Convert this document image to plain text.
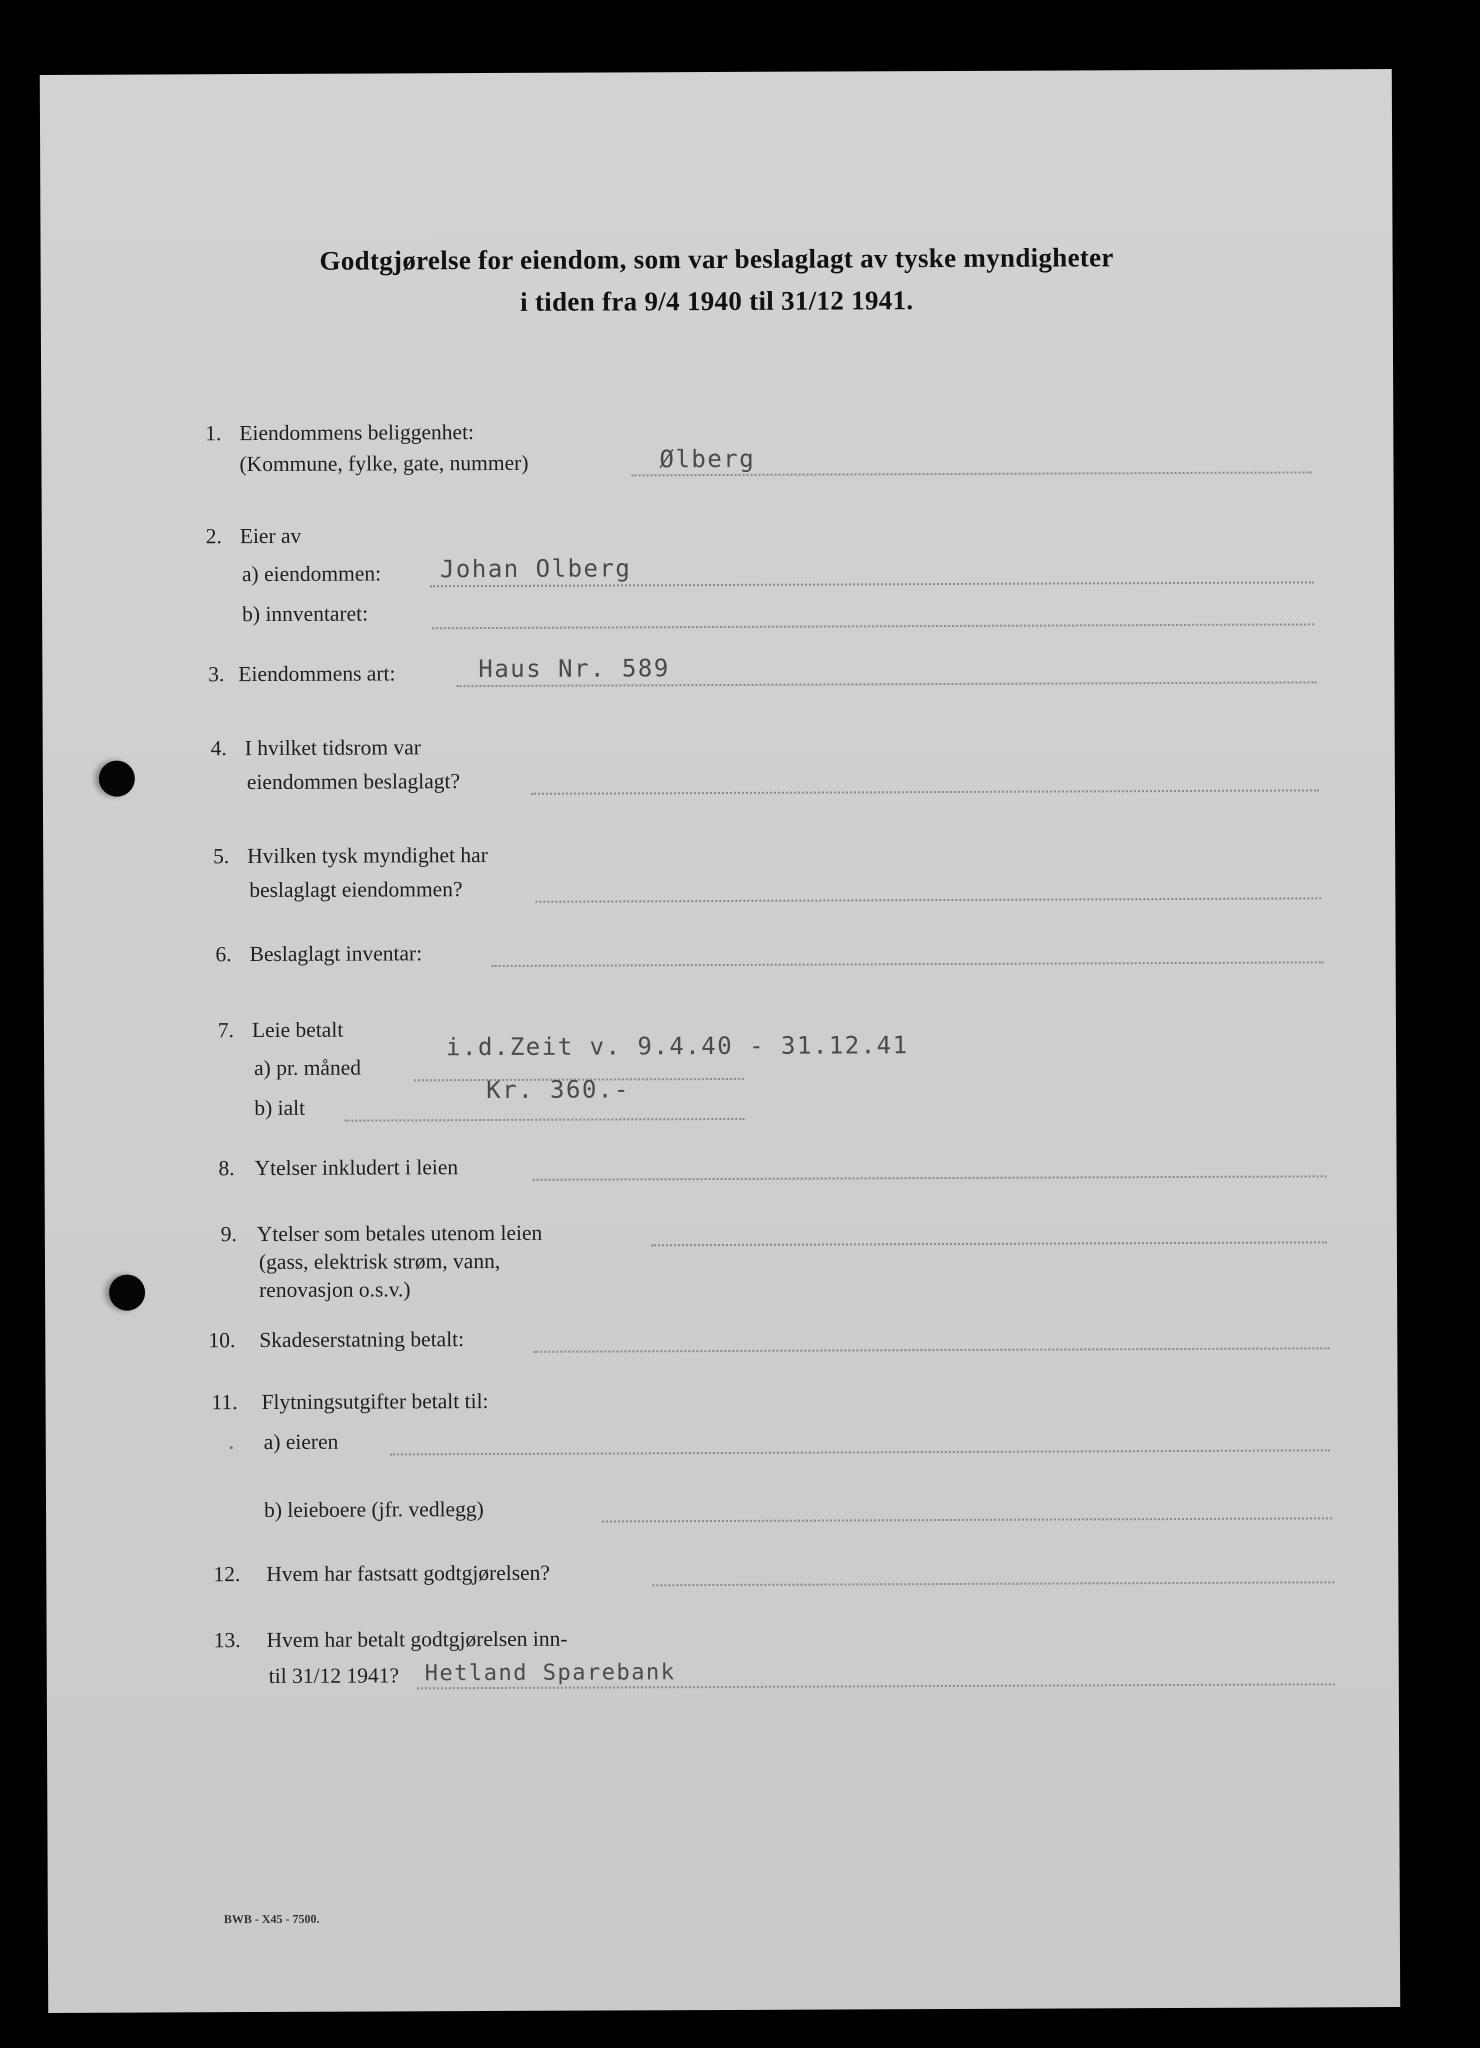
Godtgjørelse for eiendom, som var beslaglagt av tyske myndigheter
i tiden fra 9/4 1940 til 31/12 1941.
1. Eiendommens beliggenhet:
(Kommune, fylke, gate, nummer)	Ølberg
2. Eier av
a) eiendommen: Johan Olberg
b) innventaret:
3. Eiendommens art:	Haus Nr. 589
4. I hvilket tidsrom var
eiendommen beslaglagt?
5. Hvilken tysk myndighet har
beslaglagt eiendommen?
6. Beslaglagt inventar:
7. Leie betalt
a) pr. måned
i.d.Zeit v. 9.4.40 - 31.12.41
b) ialt
Kr. 360.-
8. Ytelser inkludert i leien
9. Ytelser som betales utenom leien
(gass, elektrisk strøm, vann,
renovasjon o.s.v.)
10. Skadeserstatning betalt:
11. Flytningsutgifter betalt til:
a) eieren
b) leieboere (jfr. vedlegg)
12. Hvem har fastsatt godtgjørelsen?
13. Hvem har betalt godtgjørelsen inn-
til 31/12 1941? Hetland Sparebank
BWB - X45 - 7500.
